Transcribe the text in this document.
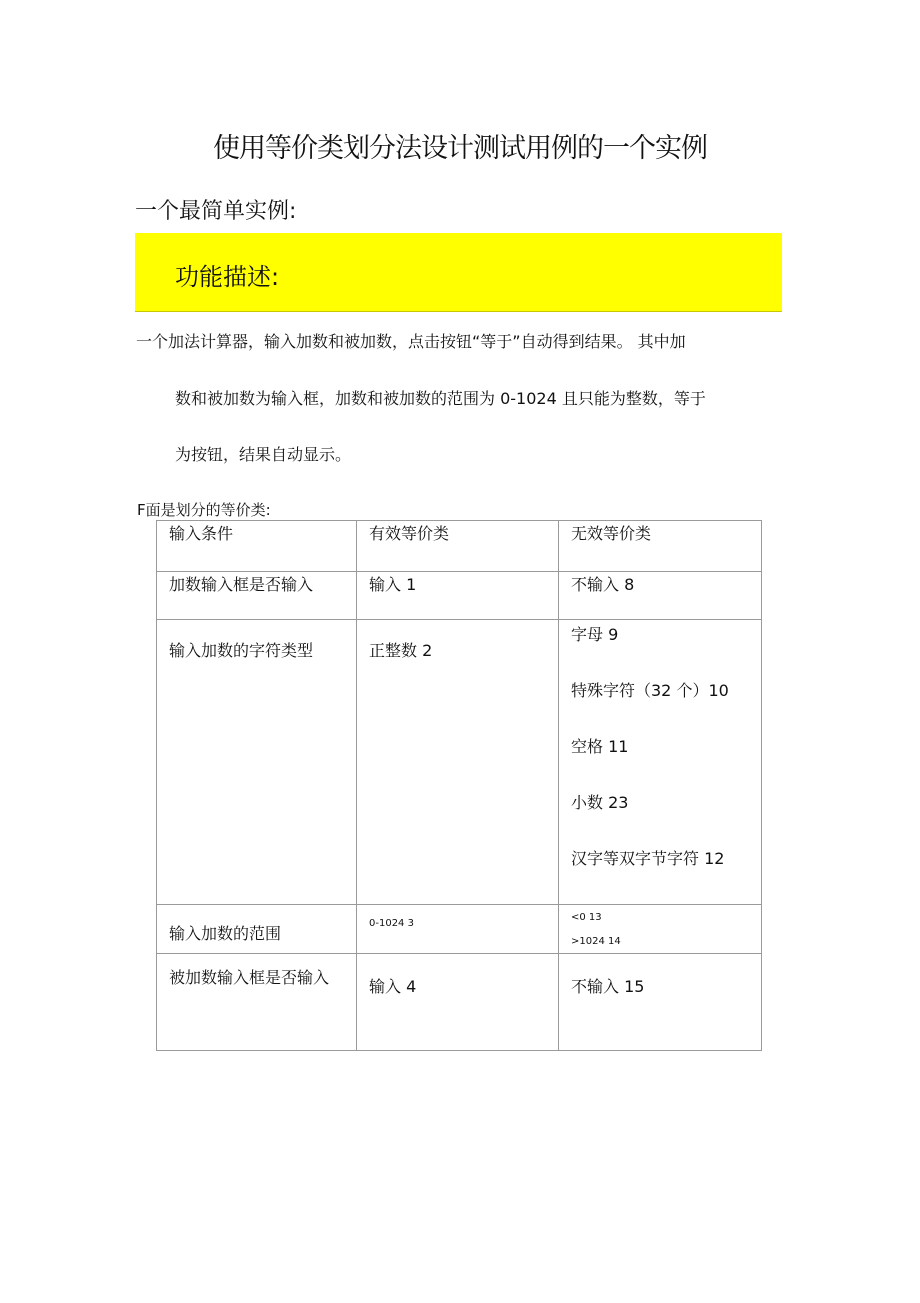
使用等价类划分法设计测试用例的一个实例
一个最简单实例:
功能描述:
一个加法计算器，输入加数和被加数，点击按钮“等于”自动得到结果。 其中加
数和被加数为输入框，加数和被加数的范围为 0-1024 且只能为整数，等于
为按钮，结果自动显示。
F面是划分的等价类:
输入条件	有效等价类	无效等价类
加数输入框是否输入	输入 1	不输入 8

输入加数的字符类型	正整数 2	字母 9
特殊字符（32 个）10
空格 11
小数 23
汉字等双字节字符 12

输入加数的范围	0-1024 3	<0 13
>1024 14

被加数输入框是否输入	输入 4	不输入 15
